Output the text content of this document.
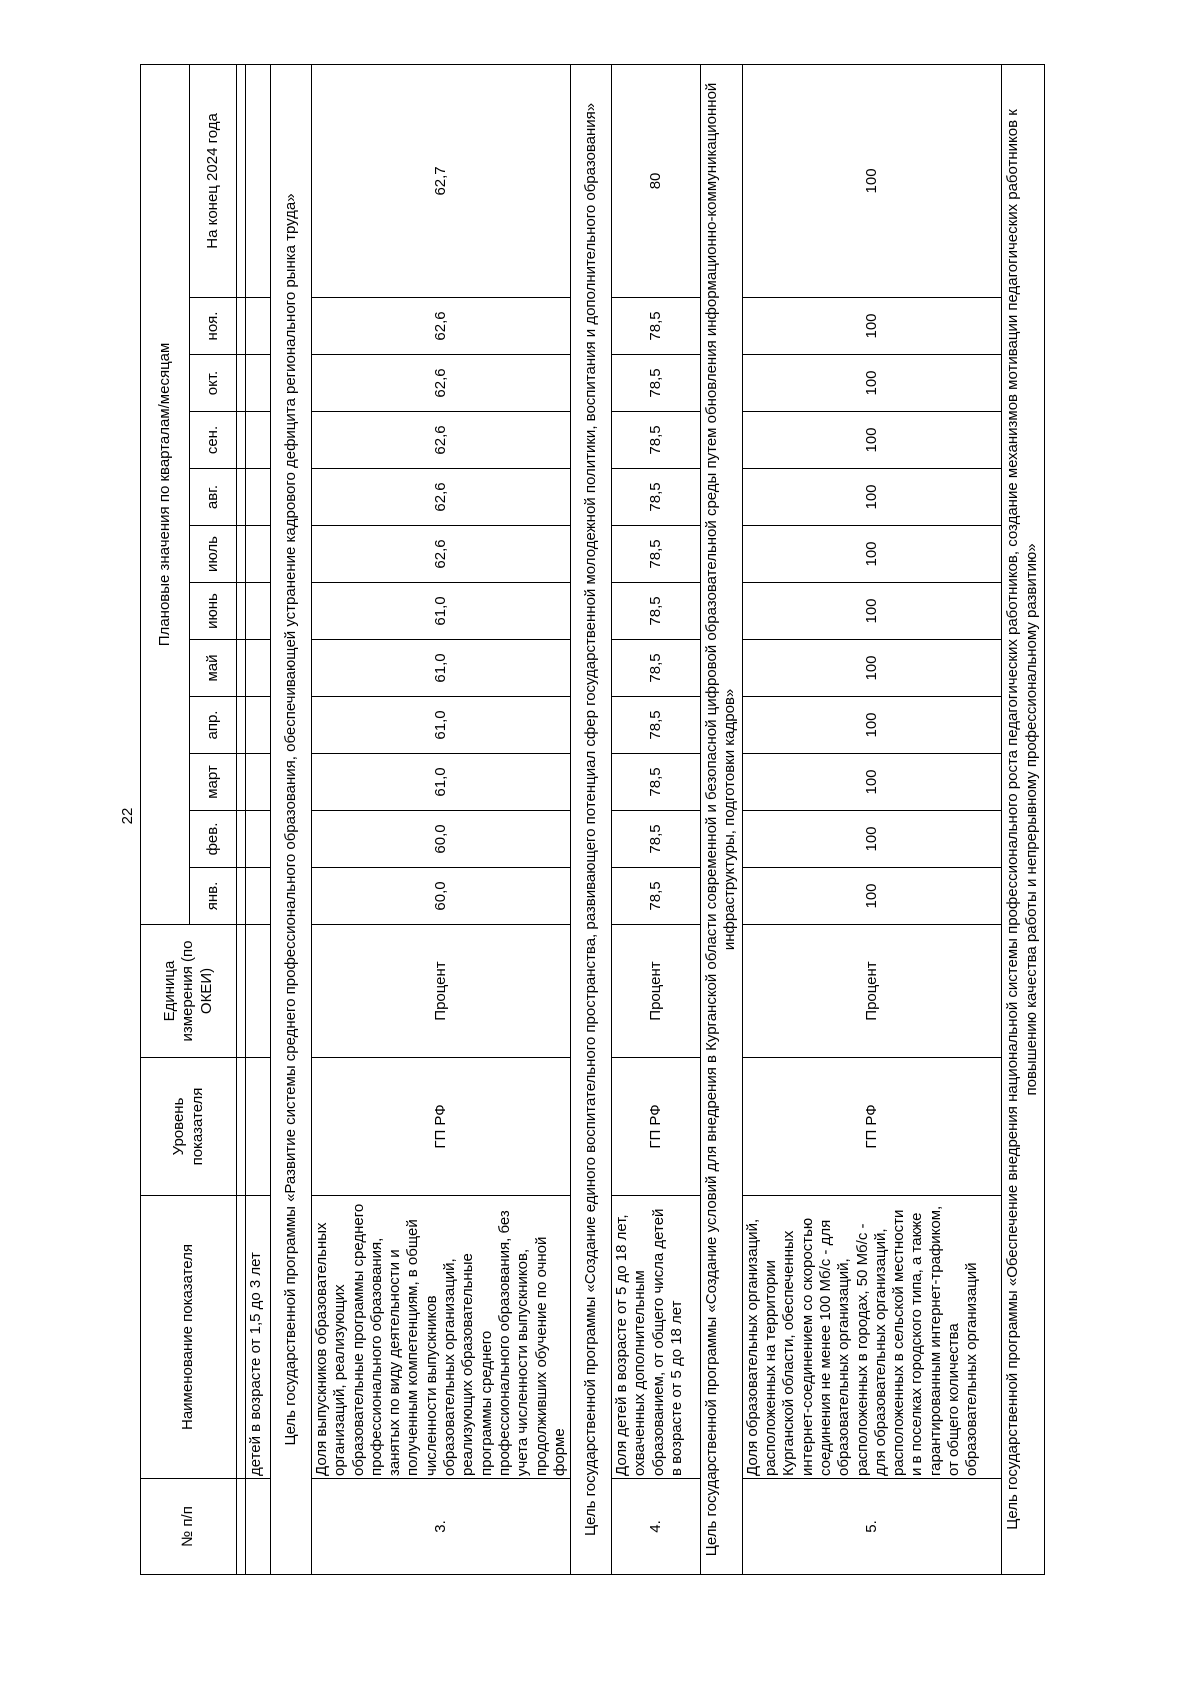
22
№ п/п	Наименование показателя	Уровень показателя	Единица измерения (по ОКЕИ)	Плановые значения по кварталам/месяцам											
				янв.	фев.	март	апр.	май	июнь	июль	авг.	сен.	окт.	ноя.	На конец 2024 года

	детей в возрасте от 1,5 до 3 лет														
Цель государственной программы «Развитие системы среднего профессионального образования, обеспечивающей устранение кадрового дефицита регионального рынка труда»															
3.	Доля выпускников образовательных организаций, реализующих образовательные программы среднего профессионального образования, занятых по виду деятельности и полученным компетенциям, в общей численности выпускников образовательных организаций, реализующих образовательные программы среднего профессионального образования, без учета численности выпускников, продолживших обучение по очной форме	ГП РФ	Процент	60,0	60,0	61,0	61,0	61,0	61,0	62,6	62,6	62,6	62,6	62,6	62,7
Цель государственной программы «Создание единого воспитательного пространства, развивающего потенциал сфер государственной молодежной политики, воспитания и дополнительного образования»															
4.	Доля детей в возрасте от 5 до 18 лет, охваченных дополнительным образованием, от общего числа детей в возрасте от 5 до 18 лет	ГП РФ	Процент	78,5	78,5	78,5	78,5	78,5	78,5	78,5	78,5	78,5	78,5	78,5	80
Цель государственной программы «Создание условий для внедрения в Курганской области современной и безопасной цифровой образовательной среды путем обновления информационно-коммуникационной инфраструктуры, подготовки кадров»															
5.	Доля образовательных организаций, расположенных на территории Курганской области, обеспеченных интернет-соединением со скоростью соединения не менее 100 Мб/с - для образовательных организаций, расположенных в городах, 50 Мб/с - для образовательных организаций, расположенных в сельской местности и в поселках городского типа, а также гарантированным интернет-трафиком, от общего количества образовательных организаций	ГП РФ	Процент	100	100	100	100	100	100	100	100	100	100	100	100
Цель государственной программы «Обеспечение внедрения национальной системы профессионального роста педагогических работников, создание механизмов мотивации педагогических работников к повышению качества работы и непрерывному профессиональному развитию»															
